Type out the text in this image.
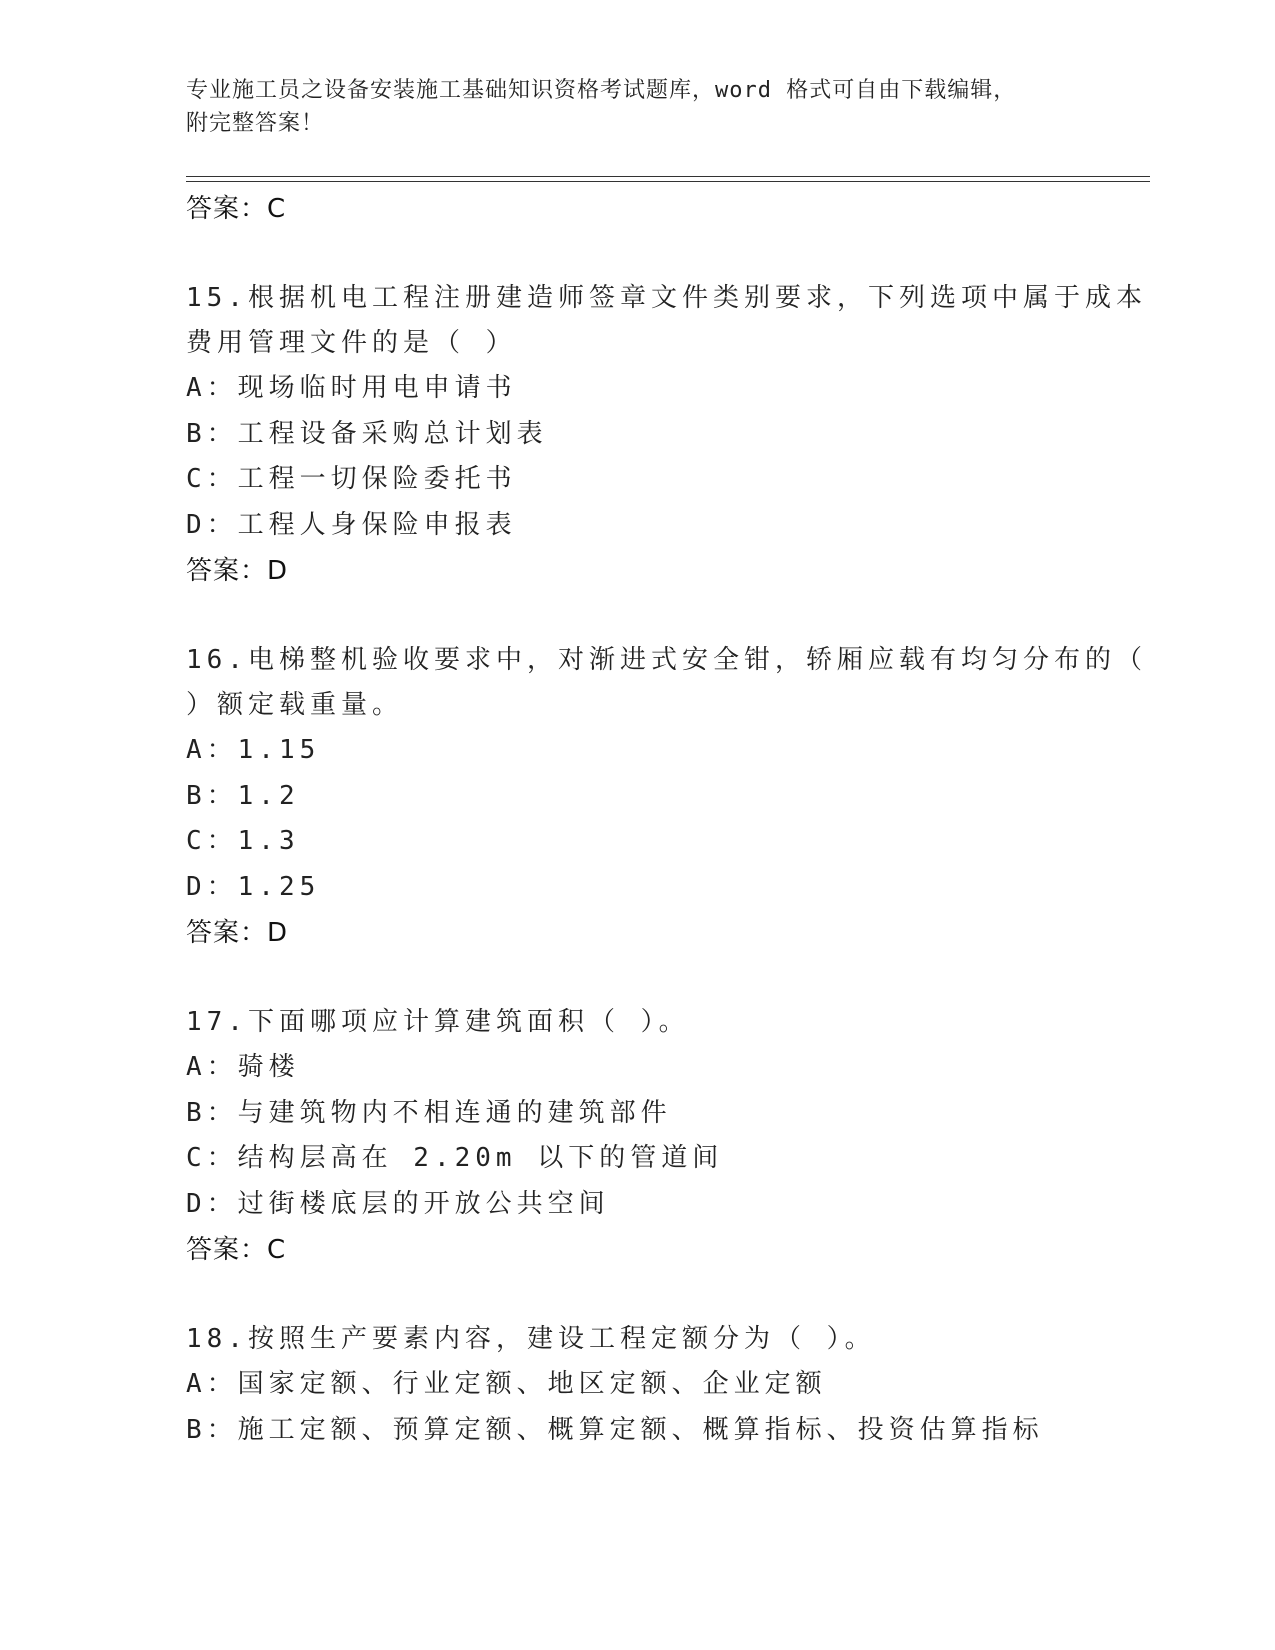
专业施工员之设备安装施工基础知识资格考试题库，word 格式可自由下载编辑，
附完整答案！
答案：C
15.根据机电工程注册建造师签章文件类别要求，下列选项中属于成本
费用管理文件的是（ ）
A：现场临时用电申请书
B：工程设备采购总计划表
C：工程一切保险委托书
D：工程人身保险申报表
答案：D
16.电梯整机验收要求中，对渐进式安全钳，轿厢应载有均匀分布的（
）额定载重量。
A：1.15
B：1.2
C：1.3
D：1.25
答案：D
17.下面哪项应计算建筑面积（ ）。
A：骑楼
B：与建筑物内不相连通的建筑部件
C：结构层高在 2.20m 以下的管道间
D：过街楼底层的开放公共空间
答案：C
18.按照生产要素内容，建设工程定额分为（ ）。
A：国家定额、行业定额、地区定额、企业定额
B：施工定额、预算定额、概算定额、概算指标、投资估算指标
